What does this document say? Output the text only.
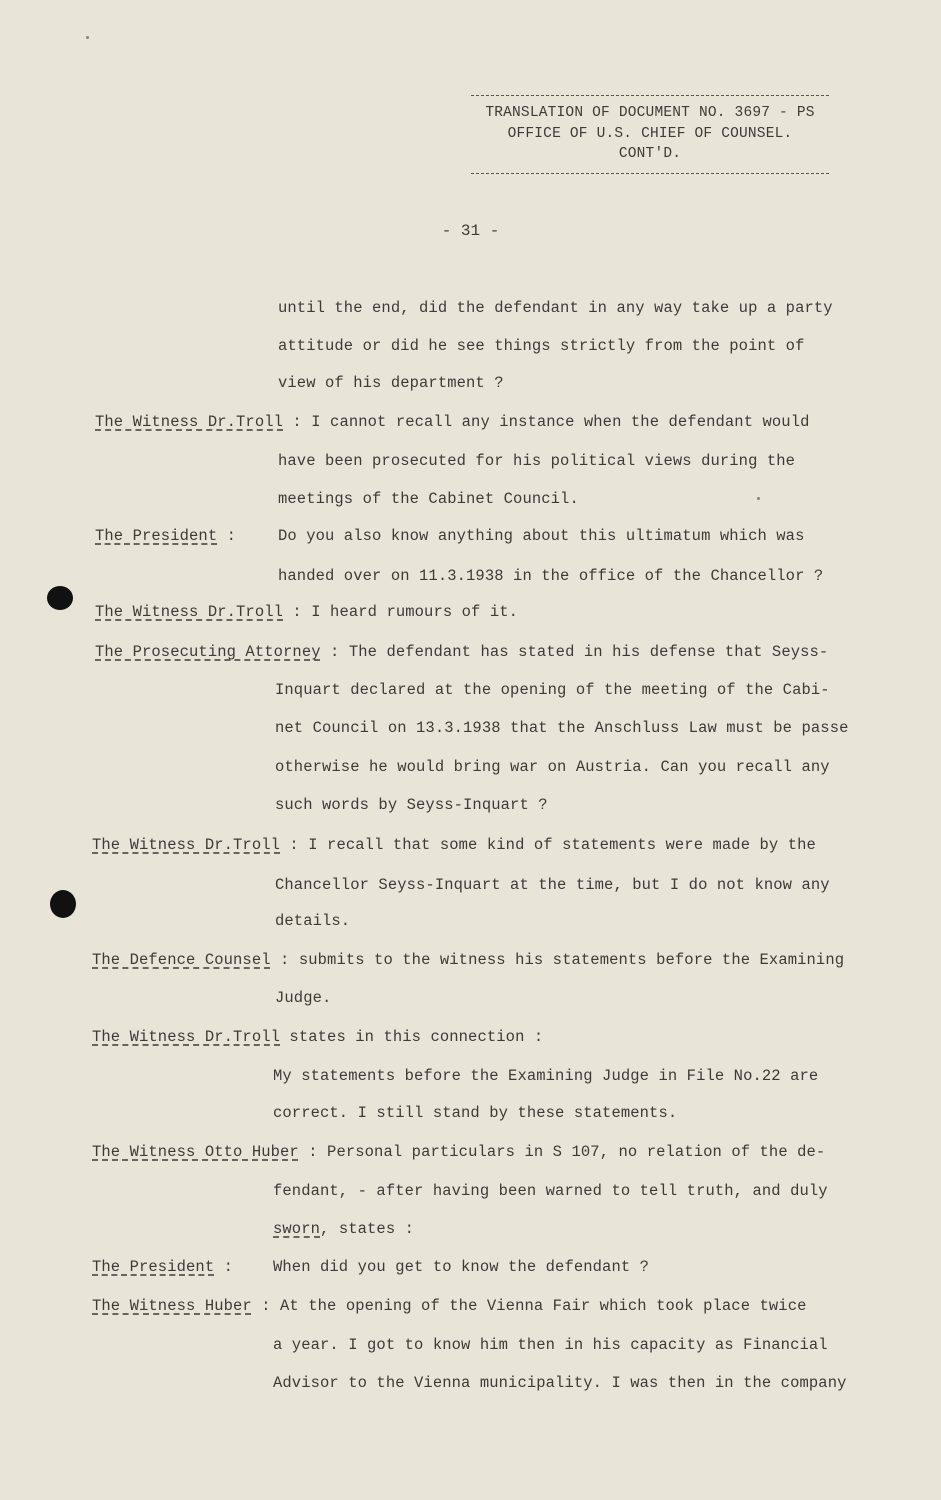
TRANSLATION OF DOCUMENT NO. 3697 - PS
OFFICE OF U.S. CHIEF OF COUNSEL.
CONT'D.
- 31 -
until the end, did the defendant in any way take up a party
attitude or did he see things strictly from the point of
view of his department ?
The Witness Dr.Troll : I cannot recall any instance when the defendant would
have been prosecuted for his political views during the
meetings of the Cabinet Council.
The President :	Do you also know anything about this ultimatum which was
handed over on 11.3.1938 in the office of the Chancellor ?
The Witness Dr.Troll : I heard rumours of it.
The Prosecuting Attorney : The defendant has stated in his defense that Seyss-
Inquart declared at the opening of the meeting of the Cabi-
net Council on 13.3.1938 that the Anschluss Law must be passe
otherwise he would bring war on Austria. Can you recall any
such words by Seyss-Inquart ?
The Witness Dr.Troll : I recall that some kind of statements were made by the
Chancellor Seyss-Inquart at the time, but I do not know any
details.
The Defence Counsel : submits to the witness his statements before the Examining
Judge.
The Witness Dr.Troll states in this connection :
My statements before the Examining Judge in File No.22 are
correct. I still stand by these statements.
The Witness Otto Huber : Personal particulars in S 107, no relation of the de-
fendant, - after having been warned to tell truth, and duly
sworn, states :
The President :	When did you get to know the defendant ?
The Witness Huber : At the opening of the Vienna Fair which took place twice
a year. I got to know him then in his capacity as Financial
Advisor to the Vienna municipality. I was then in the company
